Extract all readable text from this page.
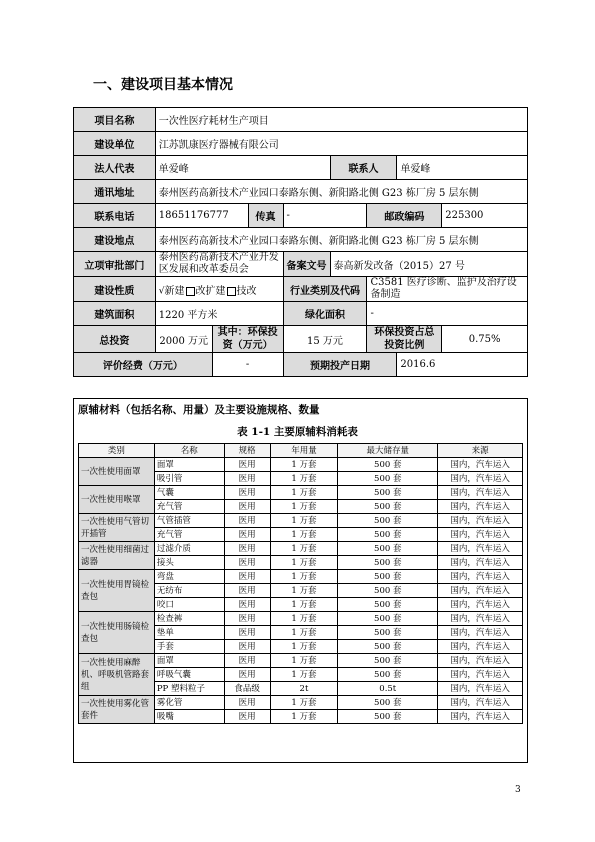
一、建设项目基本情况
项目名称	一次性医疗耗材生产项目							
建设单位	江苏凯康医疗器械有限公司							
法人代表	单爱峰				联系人		单爱峰	
通讯地址	泰州医药高新技术产业园口泰路东侧、新阳路北侧 G23 栋厂房 5 层东侧							
联系电话	18651176777		传真	-		邮政编码		225300
建设地点	泰州医药高新技术产业园口泰路东侧、新阳路北侧 G23 栋厂房 5 层东侧							
立项审批部门	泰州医药高新技术产业开发区发展和改革委员会			备案文号	泰高新发改备（2015）27 号			
建设性质	√新建 改扩建 技改			行业类别及代码		C3581 医疗诊断、监护及治疗设备制造		
建筑面积	1220 平方米			绿化面积		-		
总投资	2000 万元	其中：环保投资（万元）		15 万元		环保投资占总投资比例		0.75%
评价经费（万元）		-		预期投产日期			2016.6	
原辅材料（包括名称、用量）及主要设施规格、数量
表 1-1 主要原辅料消耗表
类别	名称	规格	年用量	最大储存量	来源
一次性使用面罩	面罩	医用	1 万套	500 套	国内，汽车运入
	吸引管	医用	1 万套	500 套	国内，汽车运入
一次性使用喉罩	气囊	医用	1 万套	500 套	国内，汽车运入
	充气管	医用	1 万套	500 套	国内，汽车运入
一次性使用气管切开插管	气管插管	医用	1 万套	500 套	国内，汽车运入
	充气管	医用	1 万套	500 套	国内，汽车运入
一次性使用细菌过滤器	过滤介质	医用	1 万套	500 套	国内，汽车运入
	接头	医用	1 万套	500 套	国内，汽车运入
一次性使用胃镜检查包	弯盘	医用	1 万套	500 套	国内，汽车运入
	无纺布	医用	1 万套	500 套	国内，汽车运入
	咬口	医用	1 万套	500 套	国内，汽车运入
一次性使用肠镜检查包	检查裤	医用	1 万套	500 套	国内，汽车运入
	垫单	医用	1 万套	500 套	国内，汽车运入
	手套	医用	1 万套	500 套	国内，汽车运入
一次性使用麻醉机、呼吸机管路套组	面罩	医用	1 万套	500 套	国内，汽车运入
	呼吸气囊	医用	1 万套	500 套	国内，汽车运入
	PP 塑料粒子	食品级	2t	0.5t	国内，汽车运入
一次性使用雾化管套件	雾化管	医用	1 万套	500 套	国内，汽车运入
	吸嘴	医用	1 万套	500 套	国内，汽车运入
3
